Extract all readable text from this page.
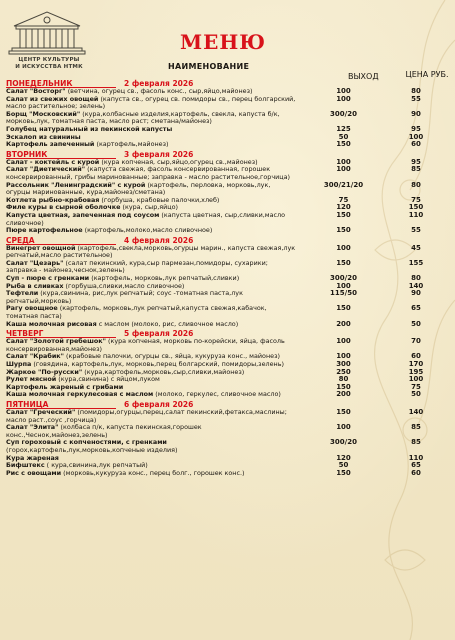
ЦЕНТР КУЛЬТУРЫ
И ИСКУССТВА НТМК
МЕНЮ
НАИМЕНОВАНИЕ
ВЫХОД	ЦЕНА РУБ.
ПОНЕДЕЛЬНИК	2 февраля 2026
Салат "Восторг" (ветчина, огурец св., фасоль конс., сыр,яйцо,майонез)	100	80
Салат из свежих овощей (капуста св., огурец св. помидоры св., перец болгарский, масло растительное; зелень)
100	55
Борщ "Московский" (кура,колбасные изделия,картофель, свекла, капуста б/к, морковь,лук, томатная паста, масло раст; сметана/майонез)
300/20	90
Голубец натуральный из пекинской капусты	125	95
Эскалоп из свинины	50	100
Картофель запеченный (картофель,майонез)	150	60
ВТОРНИК	3 февраля 2026
Салат - коктейль с курой (кура копченая, сыр,яйцо,огурец св.,майонез)	100	95
Салат "Диетический" (капуста свежая, фасоль консервированная, горошек консервированный, грибы маринованные; заправка - масло растительное,горчица)
100	85
Рассольник "Ленинградский" с курой (картофель, перловка, морковь,лук, огурцы маринованные, кура,майонез/сметана)
300/21/20	80
Котлета рыбно-крабовая (горбуша, крабовые палочки,хлеб)	75	75
Филе куры в сырной оболочке (кура, сыр,яйцо)	120	150
Капуста цветная, запеченная под соусом (капуста цветная, сыр,сливки,масло сливочное)
150	110
Пюре картофельное (картофель,молоко,масло сливочное)	150	55
СРЕДА	4 февраля 2026
Винегрет овощной (картофель,свекла,морковь,огурцы марин., капуста свежая,лук репчатый,масло растительное)
100	45
Салат "Цезарь" (салат пекинский, кура,сыр пармезан,помидоры, сухарики; заправка - майонез,чеснок,зелень)
150	155
Суп - пюре с гренками (картофель, морковь,лук репчатый,сливки)	300/20	80
Рыба в сливках (горбуша,сливки,масло сливочное)	100	140
Тефтели (кура,свинина, рис,лук репчатый; соус -томатная паста,лук репчатый,морковь)
115/50	90
Рагу овощное (картофель, морковь,лук репчатый,капуста свежая,кабачок, томатная паста)
150	65
Каша молочная рисовая с маслом (молоко, рис, сливочное масло)	200	50
ЧЕТВЕРГ	5 февраля 2026
Салат "Золотой гребешок" (кура копченая, морковь по-корейски, яйца, фасоль консервированная,майонез)
100	70
Салат "Крабик" (крабовые палочки, огурцы св., яйца, кукуруза конс., майонез)	100	60
Шурпа (говядина, картофель,лук, морковь,перец болгарский, помидоры,зелень)	300	170
Жаркое "По-русски" (кура,картофель,морковь,сыр,сливки,майонез)	250	195
Рулет мясной (кура,свинина) с яйцом,луком	80	100
Картофель жареный с грибами	150	75
Каша молочная геркулесовая с маслом (молоко, геркулес, сливочное масло)	200	50
ПЯТНИЦА	6 февраля 2026
Салат "Греческий" (помидоры,огурцы,перец,салат пекинский,фетакса,маслины; масло раст.,соус ,горчица)
150	140
Салат "Элита" (колбаса п/к, капуста пекинская,горошек конс.,Чеснок,майонез,зелень)
100	85
Суп гороховый с копченостями, с гренками (горох,картофель,лук,морковь,копченые изделия)
300/20	85
Кура жареная	120	110
Бифштекс ( кура,свинина,лук репчатый)	50	65
Рис с овощами (морковь,кукуруза конс., перец болг., горошек конс.)	150	60
